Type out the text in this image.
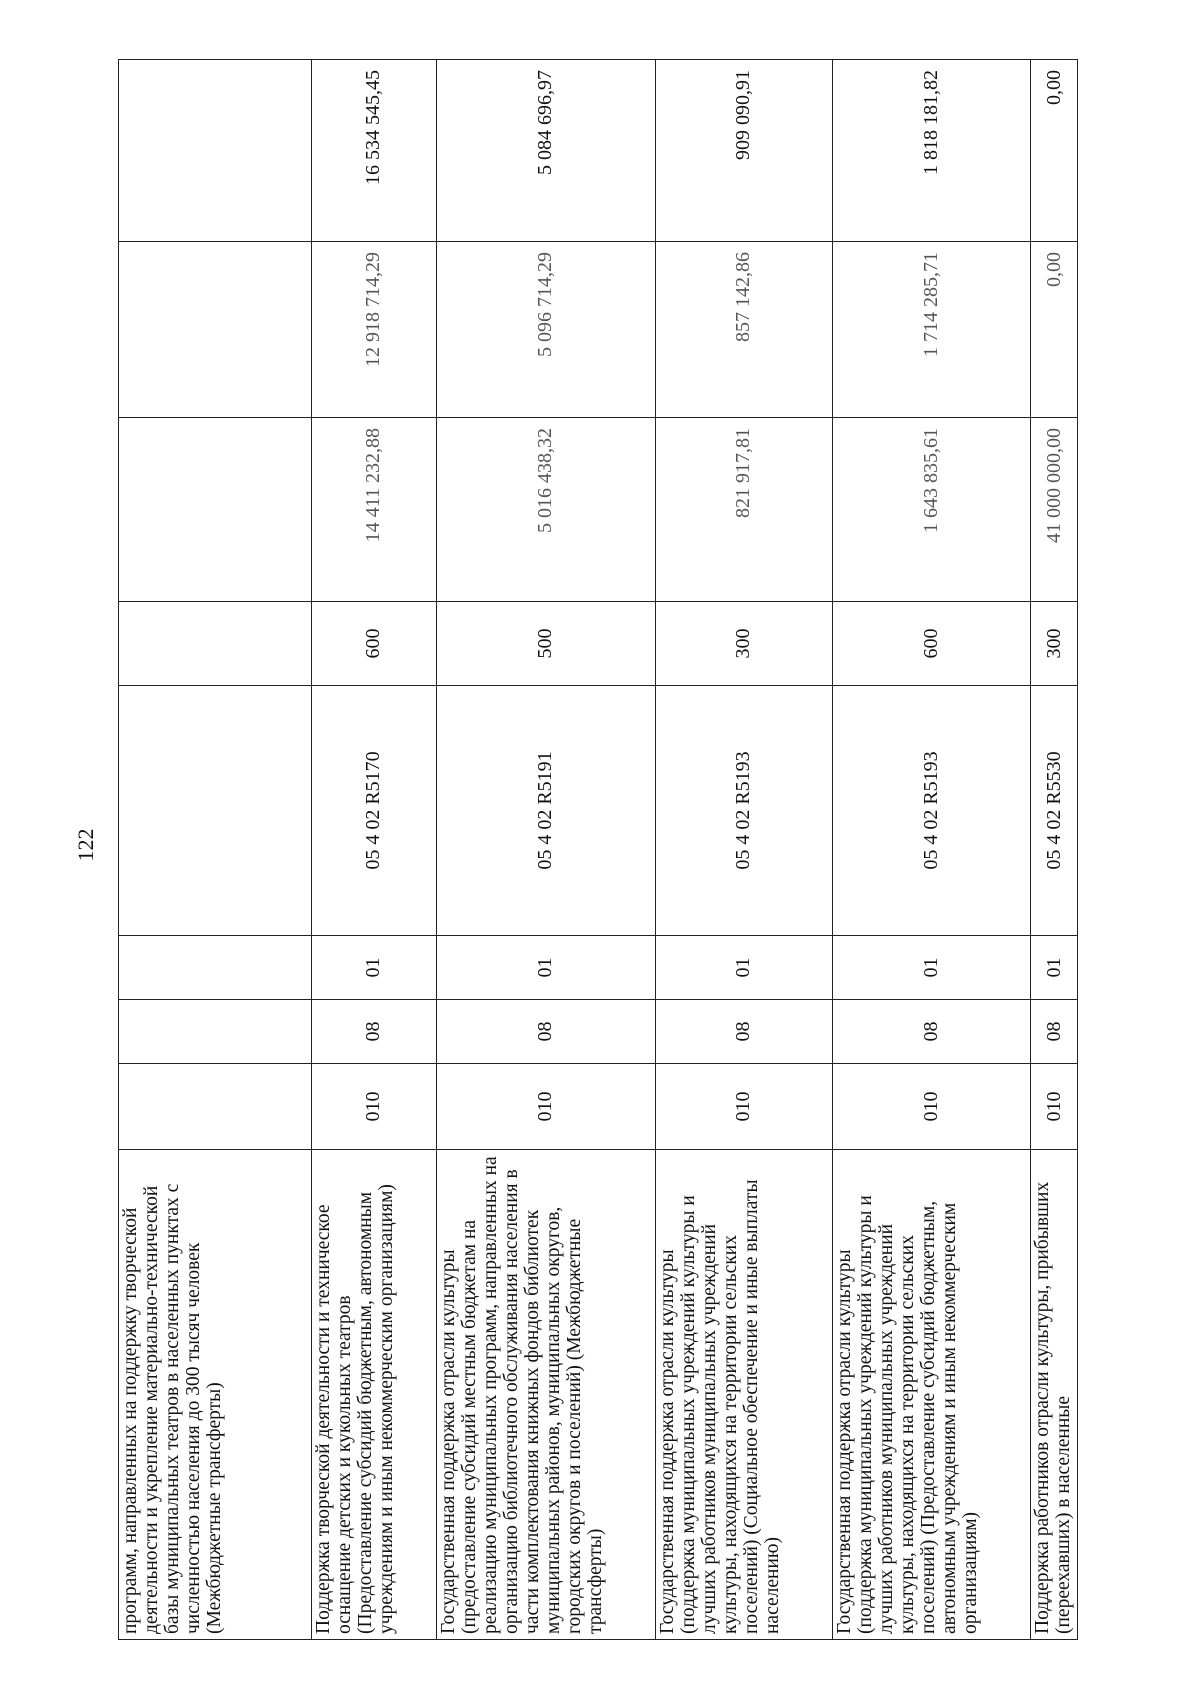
122
программ, направленных на поддержку творческой деятельности и укрепление материально-технической базы муниципальных театров в населенных пунктах с численностью населения до 300 тысяч человек (Межбюджетные трансферты)								
Поддержка творческой деятельности и техническое оснащение детских и кукольных театров (Предоставление субсидий бюджетным, автономным учреждениям и иным некоммерческим организациям)	010	08	01	05 4 02 R5170	600	14 411 232,88	12 918 714,29	16 534 545,45
Государственная поддержка отрасли культуры (предоставление субсидий местным бюджетам на реализацию муниципальных программ, направленных на организацию библиотечного обслуживания населения в части комплектования книжных фондов библиотек муниципальных районов, муниципальных округов, городских округов и поселений) (Межбюджетные трансферты)	010	08	01	05 4 02 R5191	500	5 016 438,32	5 096 714,29	5 084 696,97
Государственная поддержка отрасли культуры (поддержка муниципальных учреждений культуры и лучших работников муниципальных учреждений культуры, находящихся на территории сельских поселений) (Социальное обеспечение и иные выплаты населению)	010	08	01	05 4 02 R5193	300	821 917,81	857 142,86	909 090,91
Государственная поддержка отрасли культуры (поддержка муниципальных учреждений культуры и лучших работников муниципальных учреждений культуры, находящихся на территории сельских поселений) (Предоставление субсидий бюджетным, автономным учреждениям и иным некоммерческим организациям)	010	08	01	05 4 02 R5193	600	1 643 835,61	1 714 285,71	1 818 181,82
Поддержка работников отрасли культуры, прибывших (переехавших) в населенные	010	08	01	05 4 02 R5530	300	41 000 000,00	0,00	0,00
